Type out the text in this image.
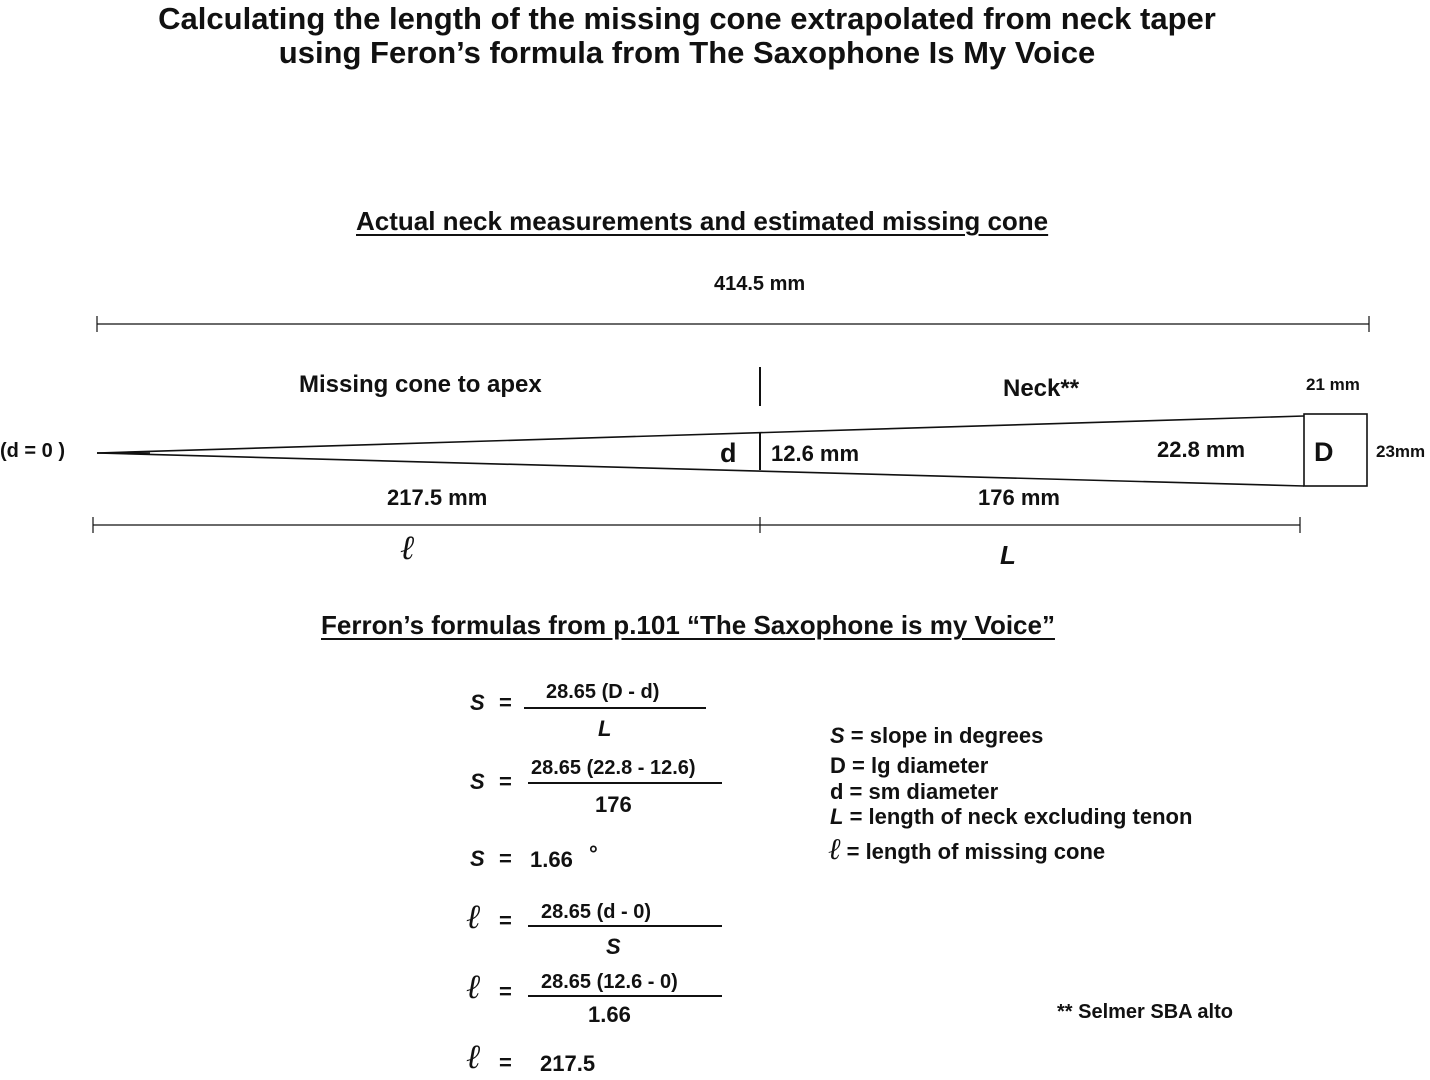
Calculating the length of the missing cone extrapolated from neck taper
using Feron’s formula from The Saxophone Is My Voice
Actual neck measurements and estimated missing cone
414.5 mm
Missing cone to apex	Neck**	21 mm
(d = 0 )	d 12.6 mm	22.8 mm	D	23mm
217.5 mm	176 mm
ℓ	L
Ferron’s formulas from p.101 “The Saxophone is my Voice”
S = 28.65 (D - d)
L
S =
28.65 (22.8 - 12.6)
176
S = 1.66 °
ℓ = 28.65 (d - 0)
S
ℓ = 28.65 (12.6 - 0)
1.66
ℓ = 217.5
S = slope in degrees
D = lg diameter
d = sm diameter
L = length of neck excluding tenon
ℓ = length of missing cone
** Selmer SBA alto
